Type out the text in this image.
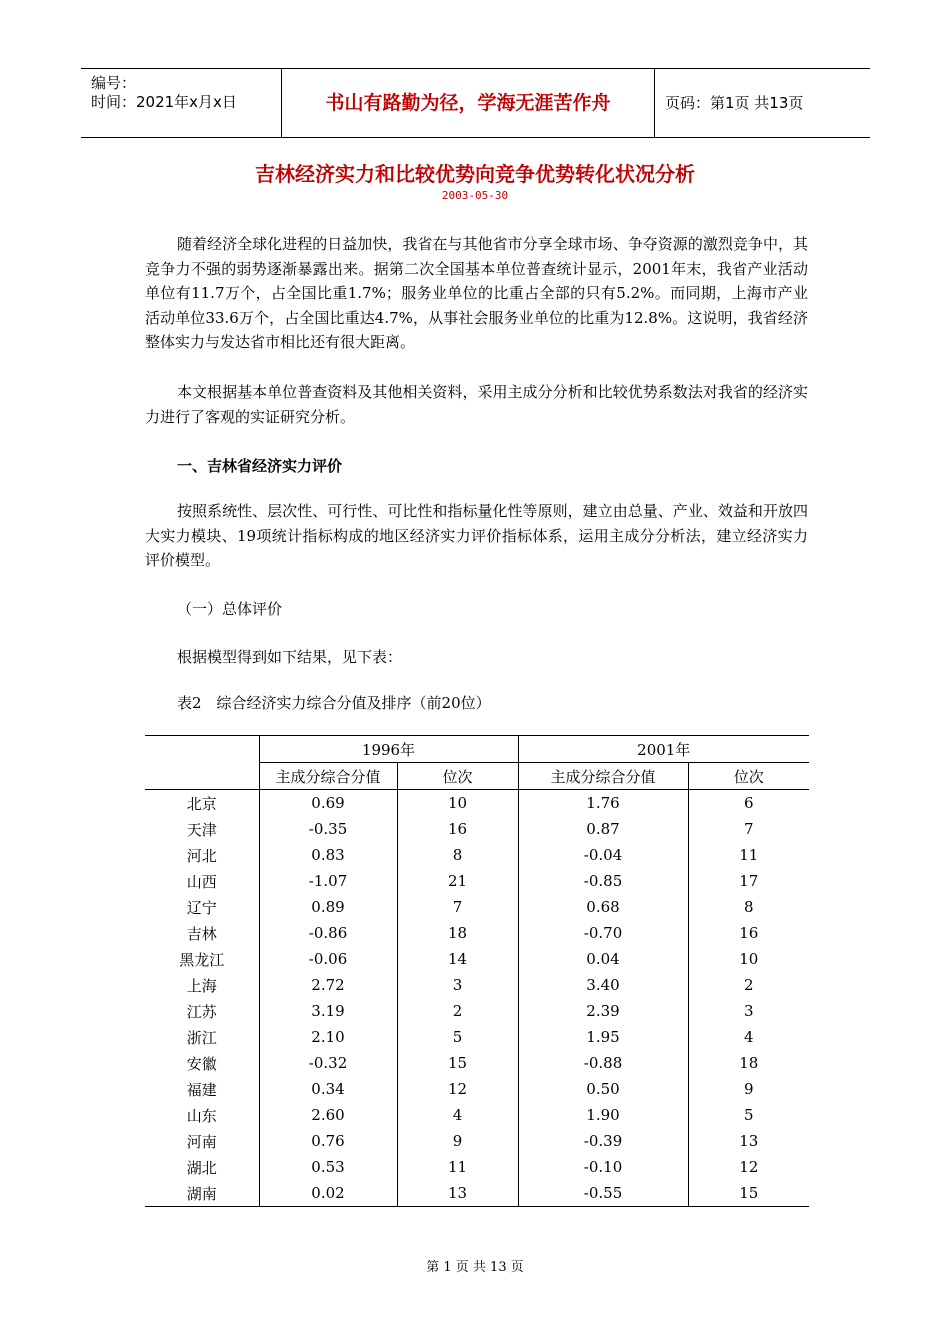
编号：
时间：2021年x月x日	书山有路勤为径，学海无涯苦作舟	页码：第1页 共13页
吉林经济实力和比较优势向竞争优势转化状况分析
2003-05-30

随着经济全球化进程的日益加快，我省在与其他省市分享全球市场、争夺资源的激烈竞争中，其竞争力不强的弱势逐渐暴露出来。据第二次全国基本单位普查统计显示，2001年末，我省产业活动单位有11.7万个，占全国比重1.7%；服务业单位的比重占全部的只有5.2%。而同期，上海市产业活动单位33.6万个，占全国比重达4.7%，从事社会服务业单位的比重为12.8%。这说明，我省经济整体实力与发达省市相比还有很大距离。

本文根据基本单位普查资料及其他相关资料，采用主成分分析和比较优势系数法对我省的经济实力进行了客观的实证研究分析。

一、吉林省经济实力评价

按照系统性、层次性、可行性、可比性和指标量化性等原则，建立由总量、产业、效益和开放四大实力模块、19项统计指标构成的地区经济实力评价指标体系，运用主成分分析法，建立经济实力评价模型。

（一）总体评价

根据模型得到如下结果，见下表：

表2　综合经济实力综合分值及排序（前20位）

	1996年		2001年	
	主成分综合分值	位次	主成分综合分值	位次
北京	0.69	10	1.76	6
天津	-0.35	16	0.87	7
河北	0.83	8	-0.04	11
山西	-1.07	21	-0.85	17
辽宁	0.89	7	0.68	8
吉林	-0.86	18	-0.70	16
黑龙江	-0.06	14	0.04	10
上海	2.72	3	3.40	2
江苏	3.19	2	2.39	3
浙江	2.10	5	1.95	4
安徽	-0.32	15	-0.88	18
福建	0.34	12	0.50	9
山东	2.60	4	1.90	5
河南	0.76	9	-0.39	13
湖北	0.53	11	-0.10	12
湖南	0.02	13	-0.55	15
第 1 页 共 13 页
